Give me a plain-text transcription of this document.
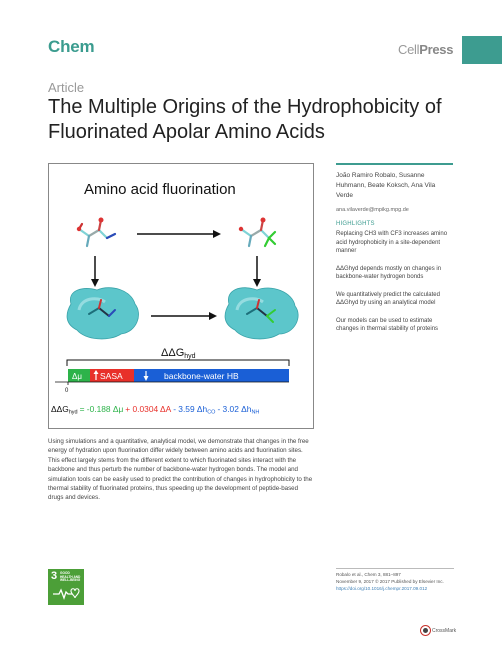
Chem	CellPress
Article
The Multiple Origins of the Hydrophobicity of
Fluorinated Apolar Amino Acids
Amino acid fluorination
ΔΔGhyd
Δμ SASA	backbone-water HB
0
ΔΔGhyd = -0.188 Δμ + 0.0304 ΔA - 3.59 ΔhCO - 3.02 ΔhNH
João Ramiro Robalo, Susanne Huhmann, Beate Koksch, Ana Vila Verde
ana.vilaverde@mpikg.mpg.de
HIGHLIGHTS
Replacing CH3 with CF3 increases amino acid hydrophobicity in a site-dependent manner
ΔΔGhyd depends mostly on changes in backbone-water hydrogen bonds
We quantitatively predict the calculated ΔΔGhyd by using an analytical model
Our models can be used to estimate changes in thermal stability of proteins
Using simulations and a quantitative, analytical model, we demonstrate that changes in the free energy of hydration upon fluorination differ widely between amino acids and fluorination sites. This effect largely stems from the different extent to which fluorinated sites interact with the backbone and thus perturb the number of backbone-water hydrogen bonds. The model and simulation tools can be easily used to predict the contribution of changes in hydrophobicity to the thermal stability of fluorinated proteins, thus speeding up the development of peptide-based drugs and devices.
3 GOOD HEALTH AND WELL-BEING
Robalo et al., Chem 3, 881–897
November 9, 2017 © 2017 Published by Elsevier Inc.
https://doi.org/10.1016/j.chempr.2017.09.012
CrossMark
